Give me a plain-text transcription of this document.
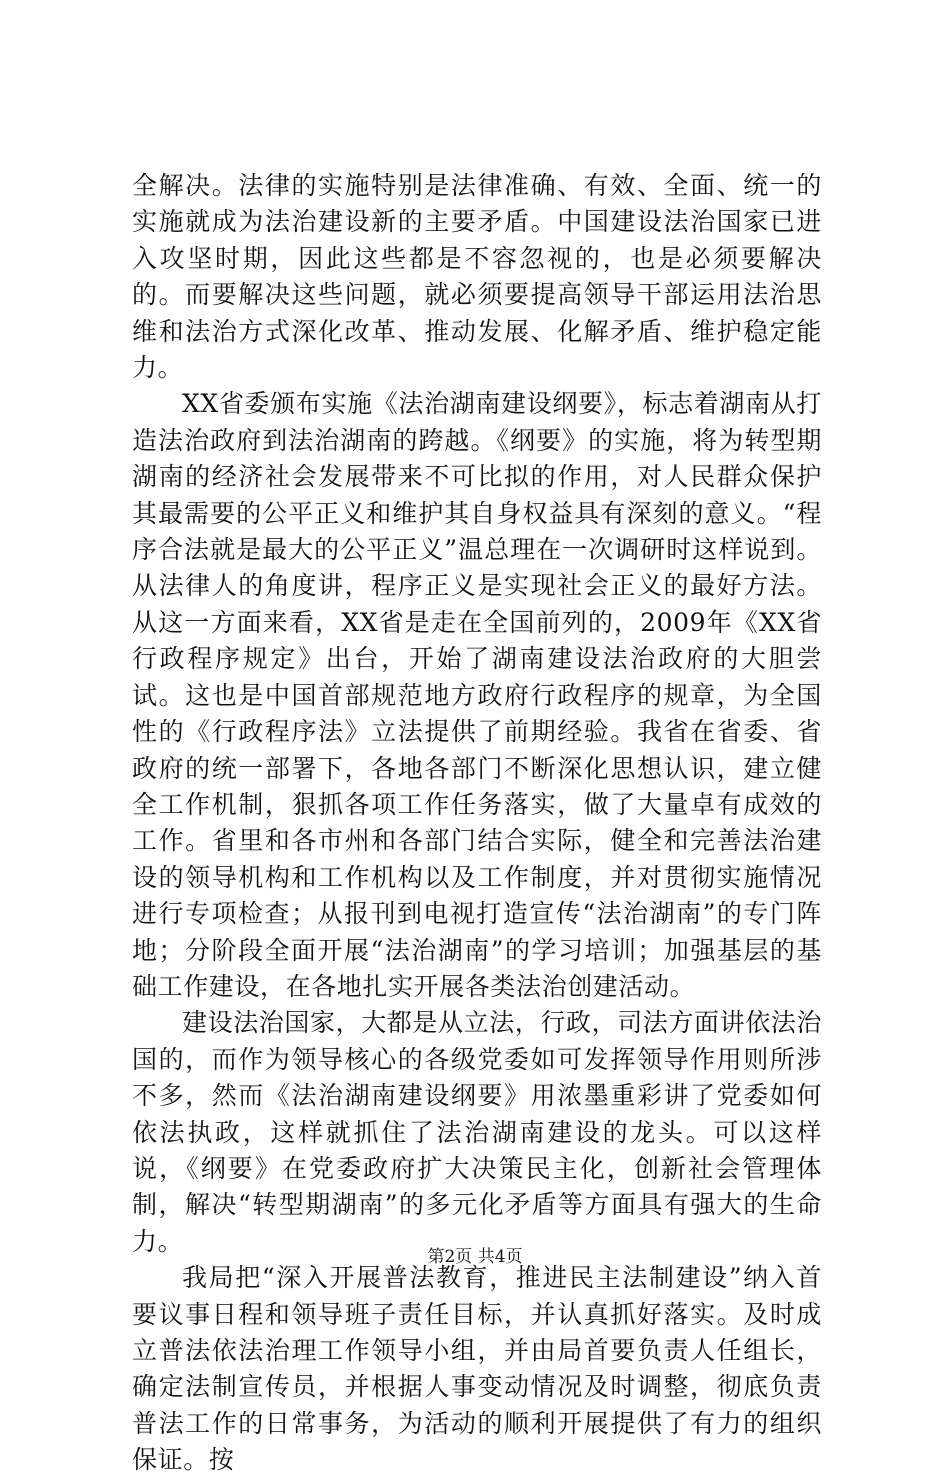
全解决。法律的实施特别是法律准确、有效、全面、统一的实施就成为法治建设新的主要矛盾。中国建设法治国家已进入攻坚时期，因此这些都是不容忽视的，也是必须要解决的。而要解决这些问题，就必须要提高领导干部运用法治思维和法治方式深化改革、推动发展、化解矛盾、维护稳定能力。

XX省委颁布实施《法治湖南建设纲要》，标志着湖南从打造法治政府到法治湖南的跨越。《纲要》的实施，将为转型期湖南的经济社会发展带来不可比拟的作用，对人民群众保护其最需要的公平正义和维护其自身权益具有深刻的意义。“程序合法就是最大的公平正义”温总理在一次调研时这样说到。从法律人的角度讲，程序正义是实现社会正义的最好方法。从这一方面来看，XX省是走在全国前列的，2009年《XX省行政程序规定》出台，开始了湖南建设法治政府的大胆尝试。这也是中国首部规范地方政府行政程序的规章，为全国性的《行政程序法》立法提供了前期经验。我省在省委、省政府的统一部署下，各地各部门不断深化思想认识，建立健全工作机制，狠抓各项工作任务落实，做了大量卓有成效的工作。省里和各市州和各部门结合实际，健全和完善法治建设的领导机构和工作机构以及工作制度，并对贯彻实施情况进行专项检查；从报刊到电视打造宣传“法治湖南”的专门阵地；分阶段全面开展“法治湖南”的学习培训；加强基层的基础工作建设，在各地扎实开展各类法治创建活动。

建设法治国家，大都是从立法，行政，司法方面讲依法治国的，而作为领导核心的各级党委如可发挥领导作用则所涉不多，然而《法治湖南建设纲要》用浓墨重彩讲了党委如何依法执政，这样就抓住了法治湖南建设的龙头。可以这样说，《纲要》在党委政府扩大决策民主化，创新社会管理体制，解决“转型期湖南”的多元化矛盾等方面具有强大的生命力。

我局把“深入开展普法教育，推进民主法制建设”纳入首要议事日程和领导班子责任目标，并认真抓好落实。及时成立普法依法治理工作领导小组，并由局首要负责人任组长，确定法制宣传员，并根据人事变动情况及时调整，彻底负责普法工作的日常事务，为活动的顺利开展提供了有力的组织保证。按

第2页 共4页
